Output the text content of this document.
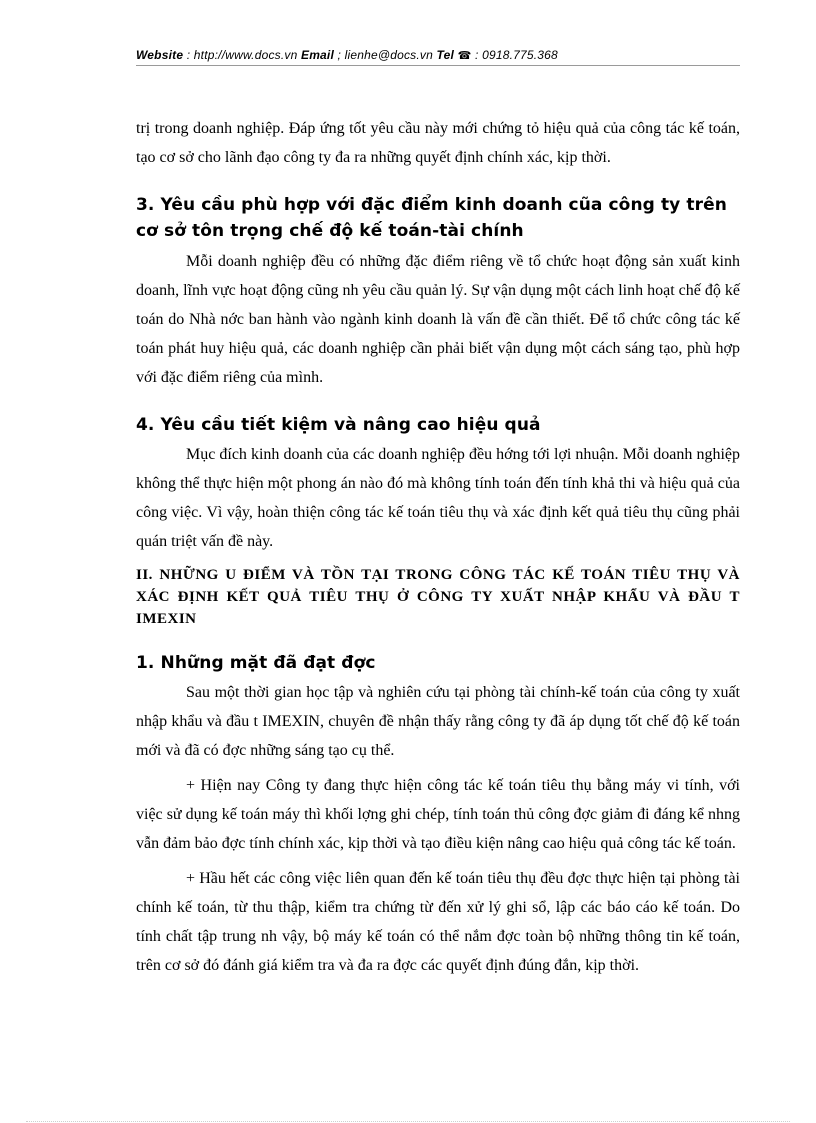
Website : http://www.docs.vn Email ; lienhe@docs.vn Tel ☎ : 0918.775.368

trị trong doanh nghiệp. Đáp ứng tốt yêu cầu này mới chứng tỏ hiệu quả của công tác kế toán, tạo cơ sở cho lãnh đạo công ty đa ra những quyết định chính xác, kịp thời.

3. Yêu cầu phù hợp với đặc điểm kinh doanh cũa công ty trên cơ sở tôn trọng chế độ kế toán-tài chính

Mỗi doanh nghiệp đều có những đặc điểm riêng về tổ chức hoạt động sản xuất kinh doanh, lĩnh vực hoạt động cũng nh yêu cầu quản lý. Sự vận dụng một cách linh hoạt chế độ kế toán do Nhà nớc ban hành vào ngành kinh doanh là vấn đề cần thiết. Để tổ chức công tác kế toán phát huy hiệu quả, các doanh nghiệp cần phải biết vận dụng một cách sáng tạo, phù hợp với đặc điểm riêng của mình.

4. Yêu cầu tiết kiệm và nâng cao hiệu quả

Mục đích kinh doanh của các doanh nghiệp đều hớng tới lợi nhuận. Mỗi doanh nghiệp không thể thực hiện một phong án nào đó mà không tính toán đến tính khả thi và hiệu quả của công việc. Vì vậy, hoàn thiện công tác kế toán tiêu thụ và xác định kết quả tiêu thụ cũng phải quán triệt vấn đề này.

II. NHỮNG U ĐIỂM VÀ TỒN TẠI TRONG CÔNG TÁC KẾ TOÁN TIÊU THỤ VÀ XÁC ĐỊNH KẾT QUẢ TIÊU THỤ Ở CÔNG TY XUẤT NHẬP KHẨU VÀ ĐẦU T IMEXIN

1. Những mặt đã đạt đợc

Sau một thời gian học tập và nghiên cứu tại phòng tài chính-kế toán của công ty xuất nhập khẩu và đầu t IMEXIN, chuyên đề nhận thấy rằng công ty đã áp dụng tốt chế độ kế toán mới và đã có đợc những sáng tạo cụ thể.

+ Hiện nay Công ty đang thực hiện công tác kế toán tiêu thụ bằng máy vi tính, với việc sử dụng kế toán máy thì khối lợng ghi chép, tính toán thủ công đợc giảm đi đáng kể nhng vẫn đảm bảo đợc tính chính xác, kịp thời và tạo điều kiện nâng cao hiệu quả công tác kế toán.

+ Hầu hết các công việc liên quan đến kế toán tiêu thụ đều đợc thực hiện tại phòng tài chính kế toán, từ thu thập, kiểm tra chứng từ đến xử lý ghi sổ, lập các báo cáo kế toán. Do tính chất tập trung nh vậy, bộ máy kế toán có thể nắm đợc toàn bộ những thông tin kế toán, trên cơ sở đó đánh giá kiểm tra và đa ra đợc các quyết định đúng đắn, kịp thời.
